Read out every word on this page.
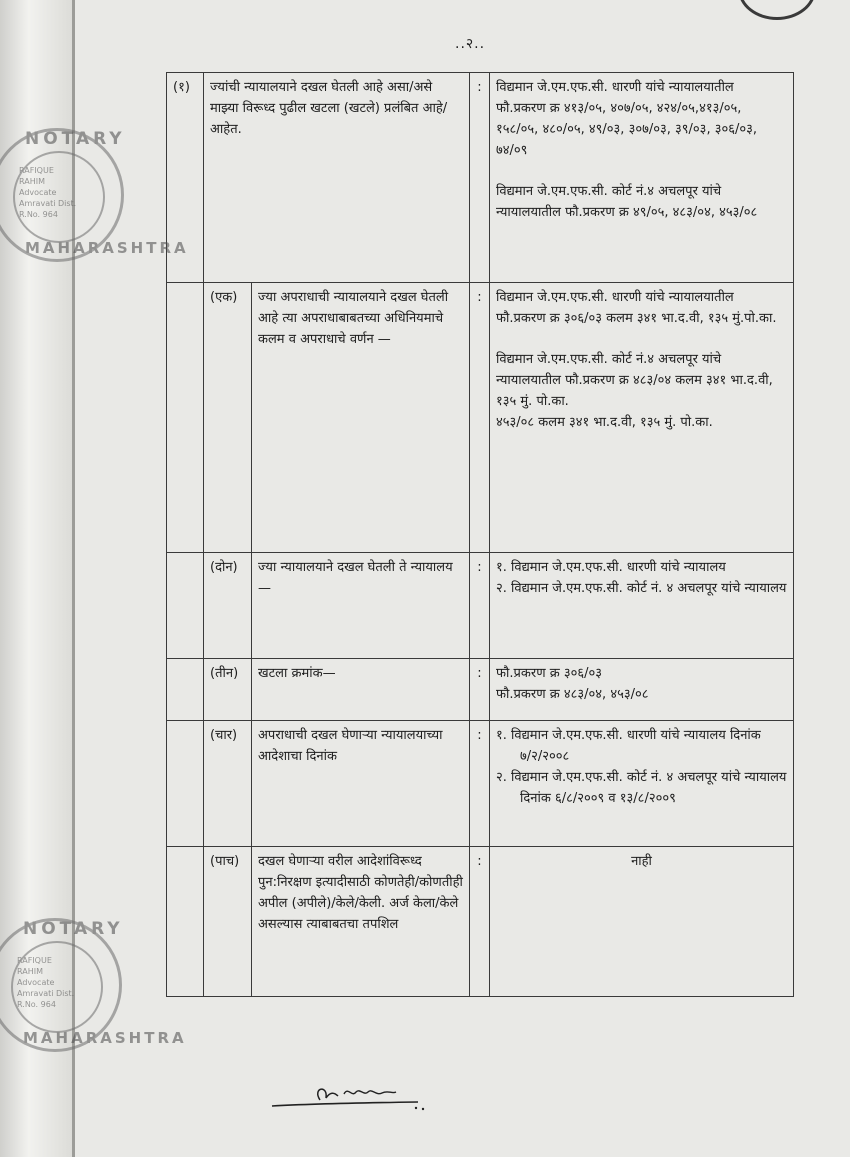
..२..
(१)	ज्यांची न्यायालयाने दखल घेतली आहे असा/असे माझ्या विरूध्द पुढील खटला (खटले) प्रलंबित आहे/आहेत.		:	विद्यमान जे.एम.एफ.सी. धारणी यांचे न्यायालयातील फौ.प्रकरण क्र ४१३/०५, ४०७/०५, ४२४/०५,४१३/०५, १५८/०५, ४८०/०५, ४९/०३, ३०७/०३, ३९/०३, ३०६/०३, ७४/०९

विद्यमान जे.एम.एफ.सी. कोर्ट नं.४ अचलपूर यांचे न्यायालयातील फौ.प्रकरण क्र ४९/०५, ४८३/०४, ४५३/०८

	(एक)	ज्या अपराधाची न्यायालयाने दखल घेतली आहे त्या अपराधाबाबतच्या अधिनियमाचे कलम व अपराधाचे वर्णन —	:	विद्यमान जे.एम.एफ.सी. धारणी यांचे न्यायालयातील फौ.प्रकरण क्र ३०६/०३ कलम ३४१ भा.द.वी, १३५ मुं.पो.का.

विद्यमान जे.एम.एफ.सी. कोर्ट नं.४ अचलपूर यांचे न्यायालयातील फौ.प्रकरण क्र ४८३/०४ कलम ३४१ भा.द.वी, १३५ मुं. पो.का.
४५३/०८ कलम ३४१ भा.द.वी, १३५ मुं. पो.का.

	(दोन)	ज्या न्यायालयाने दखल घेतली ते न्यायालय —	:	१. विद्यमान जे.एम.एफ.सी. धारणी यांचे न्यायालय

२. विद्यमान जे.एम.एफ.सी. कोर्ट नं. ४ अचलपूर यांचे न्यायालय

	(तीन)	खटला क्रमांक—	:	फौ.प्रकरण क्र ३०६/०३
फौ.प्रकरण क्र ४८३/०४, ४५३/०८

	(चार)	अपराधाची दखल घेणाऱ्या न्यायालयाच्या आदेशाचा दिनांक	:	१. विद्यमान जे.एम.एफ.सी. धारणी यांचे न्यायालय दिनांक ७/२/२००८

२. विद्यमान जे.एम.एफ.सी. कोर्ट नं. ४ अचलपूर यांचे न्यायालय दिनांक ६/८/२००९ व १३/८/२००९

	(पाच)	दखल घेणाऱ्या वरील आदेशांविरूध्द पुन:निरक्षण इत्यादीसाठी कोणतेही/कोणतीही अपील (अपीले)/केले/केली. अर्ज केला/केले असल्यास त्याबाबतचा तपशिल	:	नाही
NOTARY
RAFIQUE
RAHIM
Advocate
Amravati Dist.
R.No. 964
MAHARASHTRA
NOTARY
RAFIQUE
RAHIM
Advocate
Amravati Dist.
R.No. 964
MAHARASHTRA
